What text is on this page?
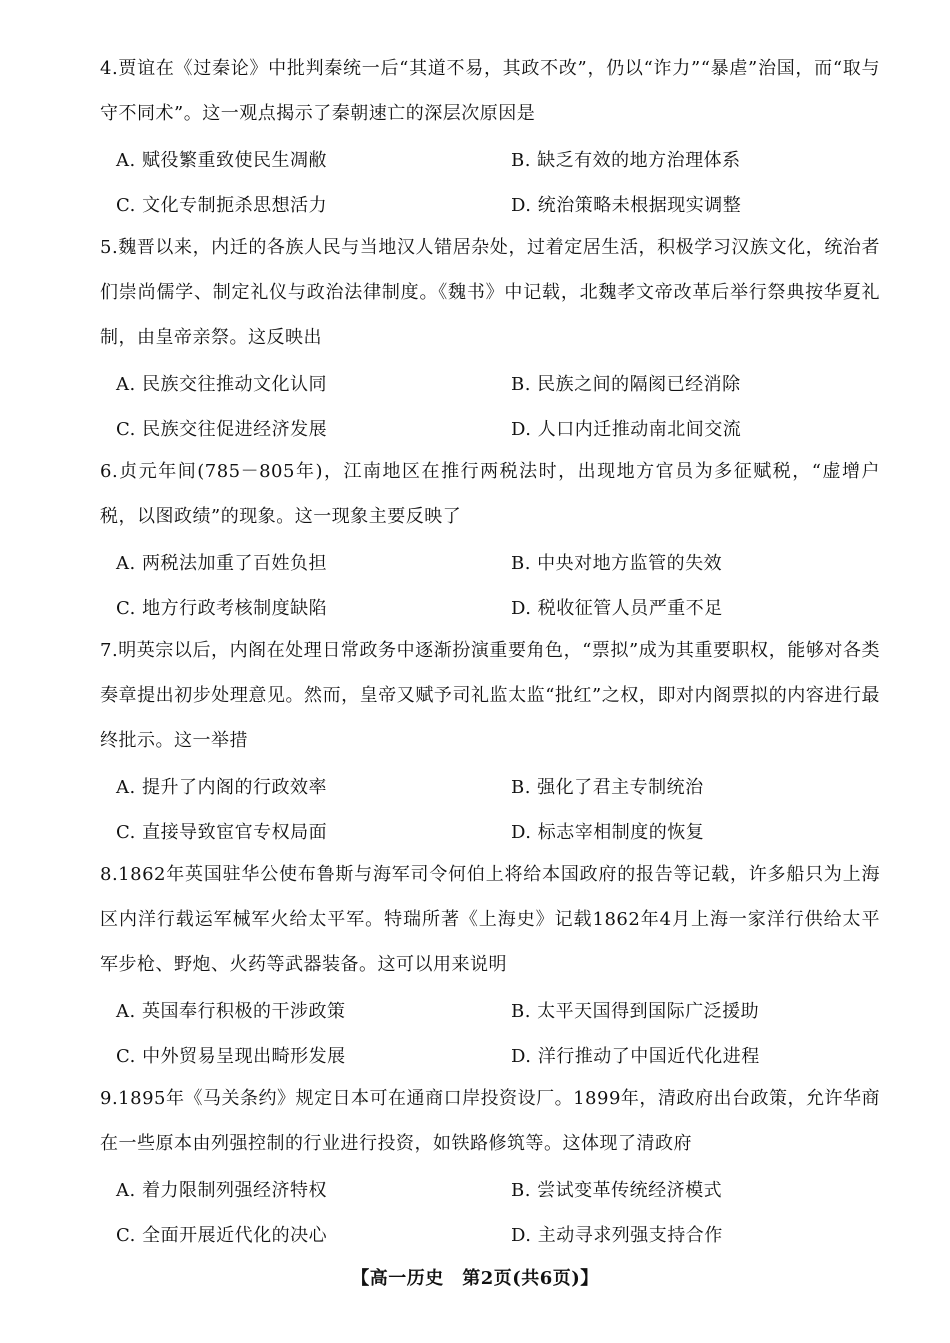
4.贾谊在《过秦论》中批判秦统一后“其道不易，其政不改”，仍以“诈力”“暴虐”治国，而“取与守不同术”。这一观点揭示了秦朝速亡的深层次原因是

A. 赋役繁重致使民生凋敝	B. 缺乏有效的地方治理体系
C. 文化专制扼杀思想活力	D. 统治策略未根据现实调整

5.魏晋以来，内迁的各族人民与当地汉人错居杂处，过着定居生活，积极学习汉族文化，统治者们崇尚儒学、制定礼仪与政治法律制度。《魏书》中记载，北魏孝文帝改革后举行祭典按华夏礼制，由皇帝亲祭。这反映出

A. 民族交往推动文化认同	B. 民族之间的隔阂已经消除
C. 民族交往促进经济发展	D. 人口内迁推动南北间交流

6.贞元年间(785－805年)，江南地区在推行两税法时，出现地方官员为多征赋税，“虚增户税，以图政绩”的现象。这一现象主要反映了

A. 两税法加重了百姓负担	B. 中央对地方监管的失效
C. 地方行政考核制度缺陷	D. 税收征管人员严重不足

7.明英宗以后，内阁在处理日常政务中逐渐扮演重要角色，“票拟”成为其重要职权，能够对各类奏章提出初步处理意见。然而，皇帝又赋予司礼监太监“批红”之权，即对内阁票拟的内容进行最终批示。这一举措

A. 提升了内阁的行政效率	B. 强化了君主专制统治
C. 直接导致宦官专权局面	D. 标志宰相制度的恢复

8.1862年英国驻华公使布鲁斯与海军司令何伯上将给本国政府的报告等记载，许多船只为上海区内洋行载运军械军火给太平军。特瑞所著《上海史》记载1862年4月上海一家洋行供给太平军步枪、野炮、火药等武器装备。这可以用来说明

A. 英国奉行积极的干涉政策	B. 太平天国得到国际广泛援助
C. 中外贸易呈现出畸形发展	D. 洋行推动了中国近代化进程

9.1895年《马关条约》规定日本可在通商口岸投资设厂。1899年，清政府出台政策，允许华商在一些原本由列强控制的行业进行投资，如铁路修筑等。这体现了清政府

A. 着力限制列强经济特权	B. 尝试变革传统经济模式
C. 全面开展近代化的决心	D. 主动寻求列强支持合作
【高一历史　第2页(共6页)】
